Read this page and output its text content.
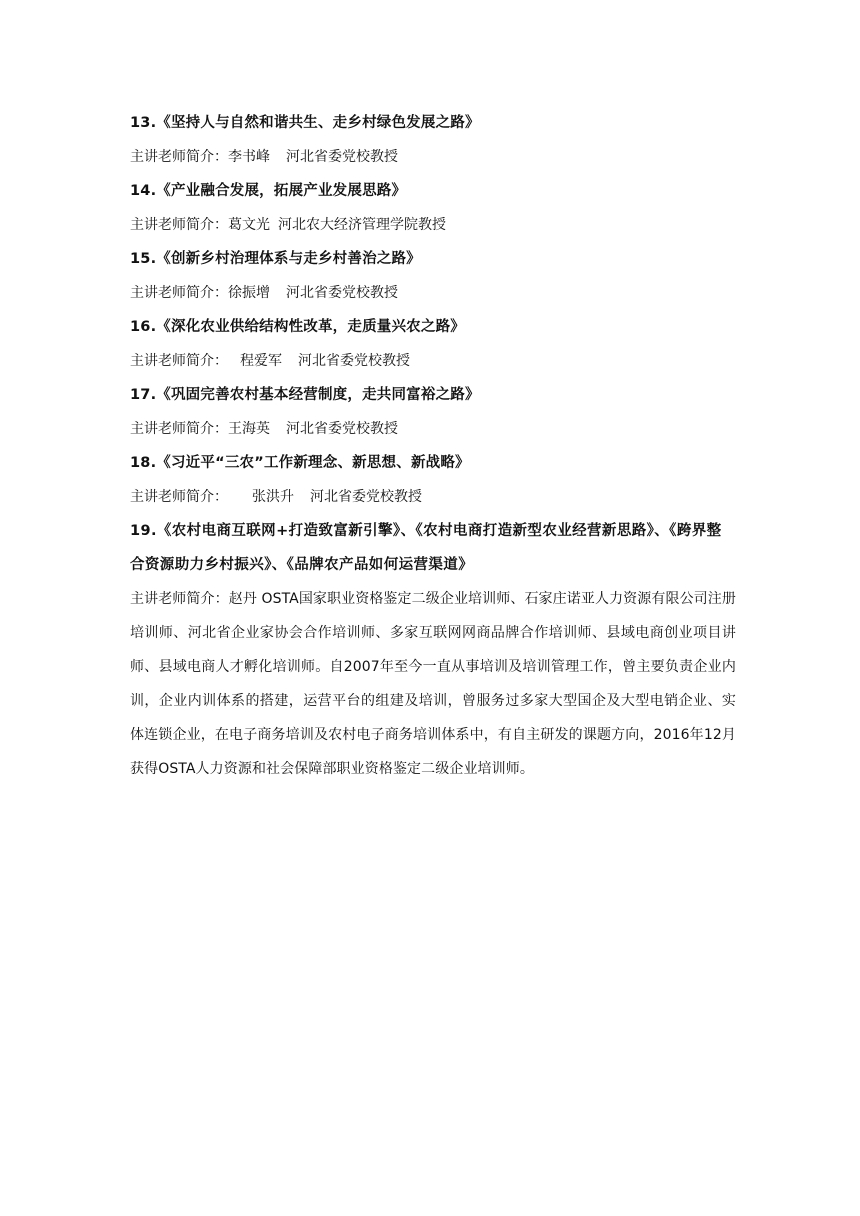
13.《坚持人与自然和谐共生、走乡村绿色发展之路》
主讲老师简介：李书峰 河北省委党校教授
14.《产业融合发展，拓展产业发展思路》
主讲老师简介：葛文光 河北农大经济管理学院教授
15.《创新乡村治理体系与走乡村善治之路》
主讲老师简介：徐振增 河北省委党校教授
16.《深化农业供给结构性改革，走质量兴农之路》
主讲老师简介： 程爱军 河北省委党校教授
17.《巩固完善农村基本经营制度，走共同富裕之路》
主讲老师简介：王海英 河北省委党校教授
18.《习近平“三农”工作新理念、新思想、新战略》
主讲老师简介： 张洪升 河北省委党校教授
19.《农村电商互联网+打造致富新引擎》、《农村电商打造新型农业经营新思路》、《跨界整合资源助力乡村振兴》、《品牌农产品如何运营渠道》
主讲老师简介：赵丹 OSTA国家职业资格鉴定二级企业培训师、石家庄诺亚人力资源有限公司注册培训师、河北省企业家协会合作培训师、多家互联网网商品牌合作培训师、县域电商创业项目讲师、县域电商人才孵化培训师。自2007年至今一直从事培训及培训管理工作，曾主要负责企业内训，企业内训体系的搭建，运营平台的组建及培训，曾服务过多家大型国企及大型电销企业、实体连锁企业，在电子商务培训及农村电子商务培训体系中，有自主研发的课题方向，2016年12月获得OSTA人力资源和社会保障部职业资格鉴定二级企业培训师。
